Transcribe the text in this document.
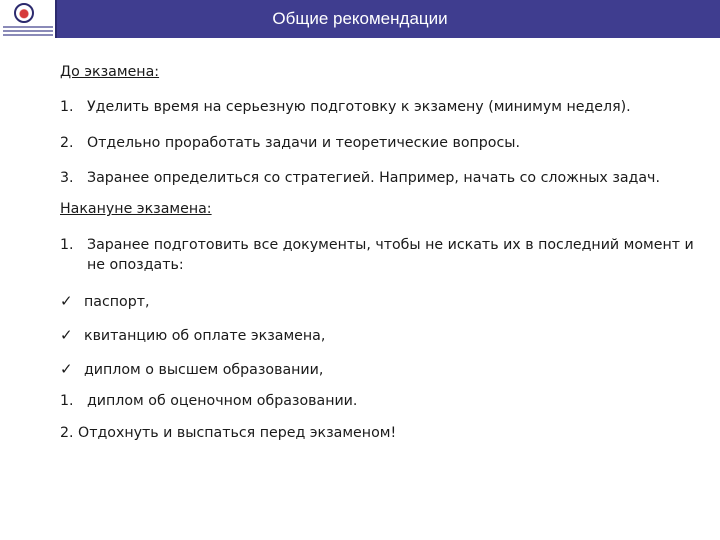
Общие рекомендации
До экзамена:
1. Уделить время на серьезную подготовку к экзамену (минимум неделя).
2. Отдельно проработать задачи и теоретические вопросы.
3. Заранее определиться со стратегией. Например, начать со сложных задач.
Накануне экзамена:
1. Заранее подготовить все документы, чтобы не искать их в последний момент и не опоздать:
✓ паспорт,
✓ квитанцию об оплате экзамена,
✓ диплом о высшем образовании,
1. диплом об оценочном образовании.
2. Отдохнуть и выспаться перед экзаменом!
